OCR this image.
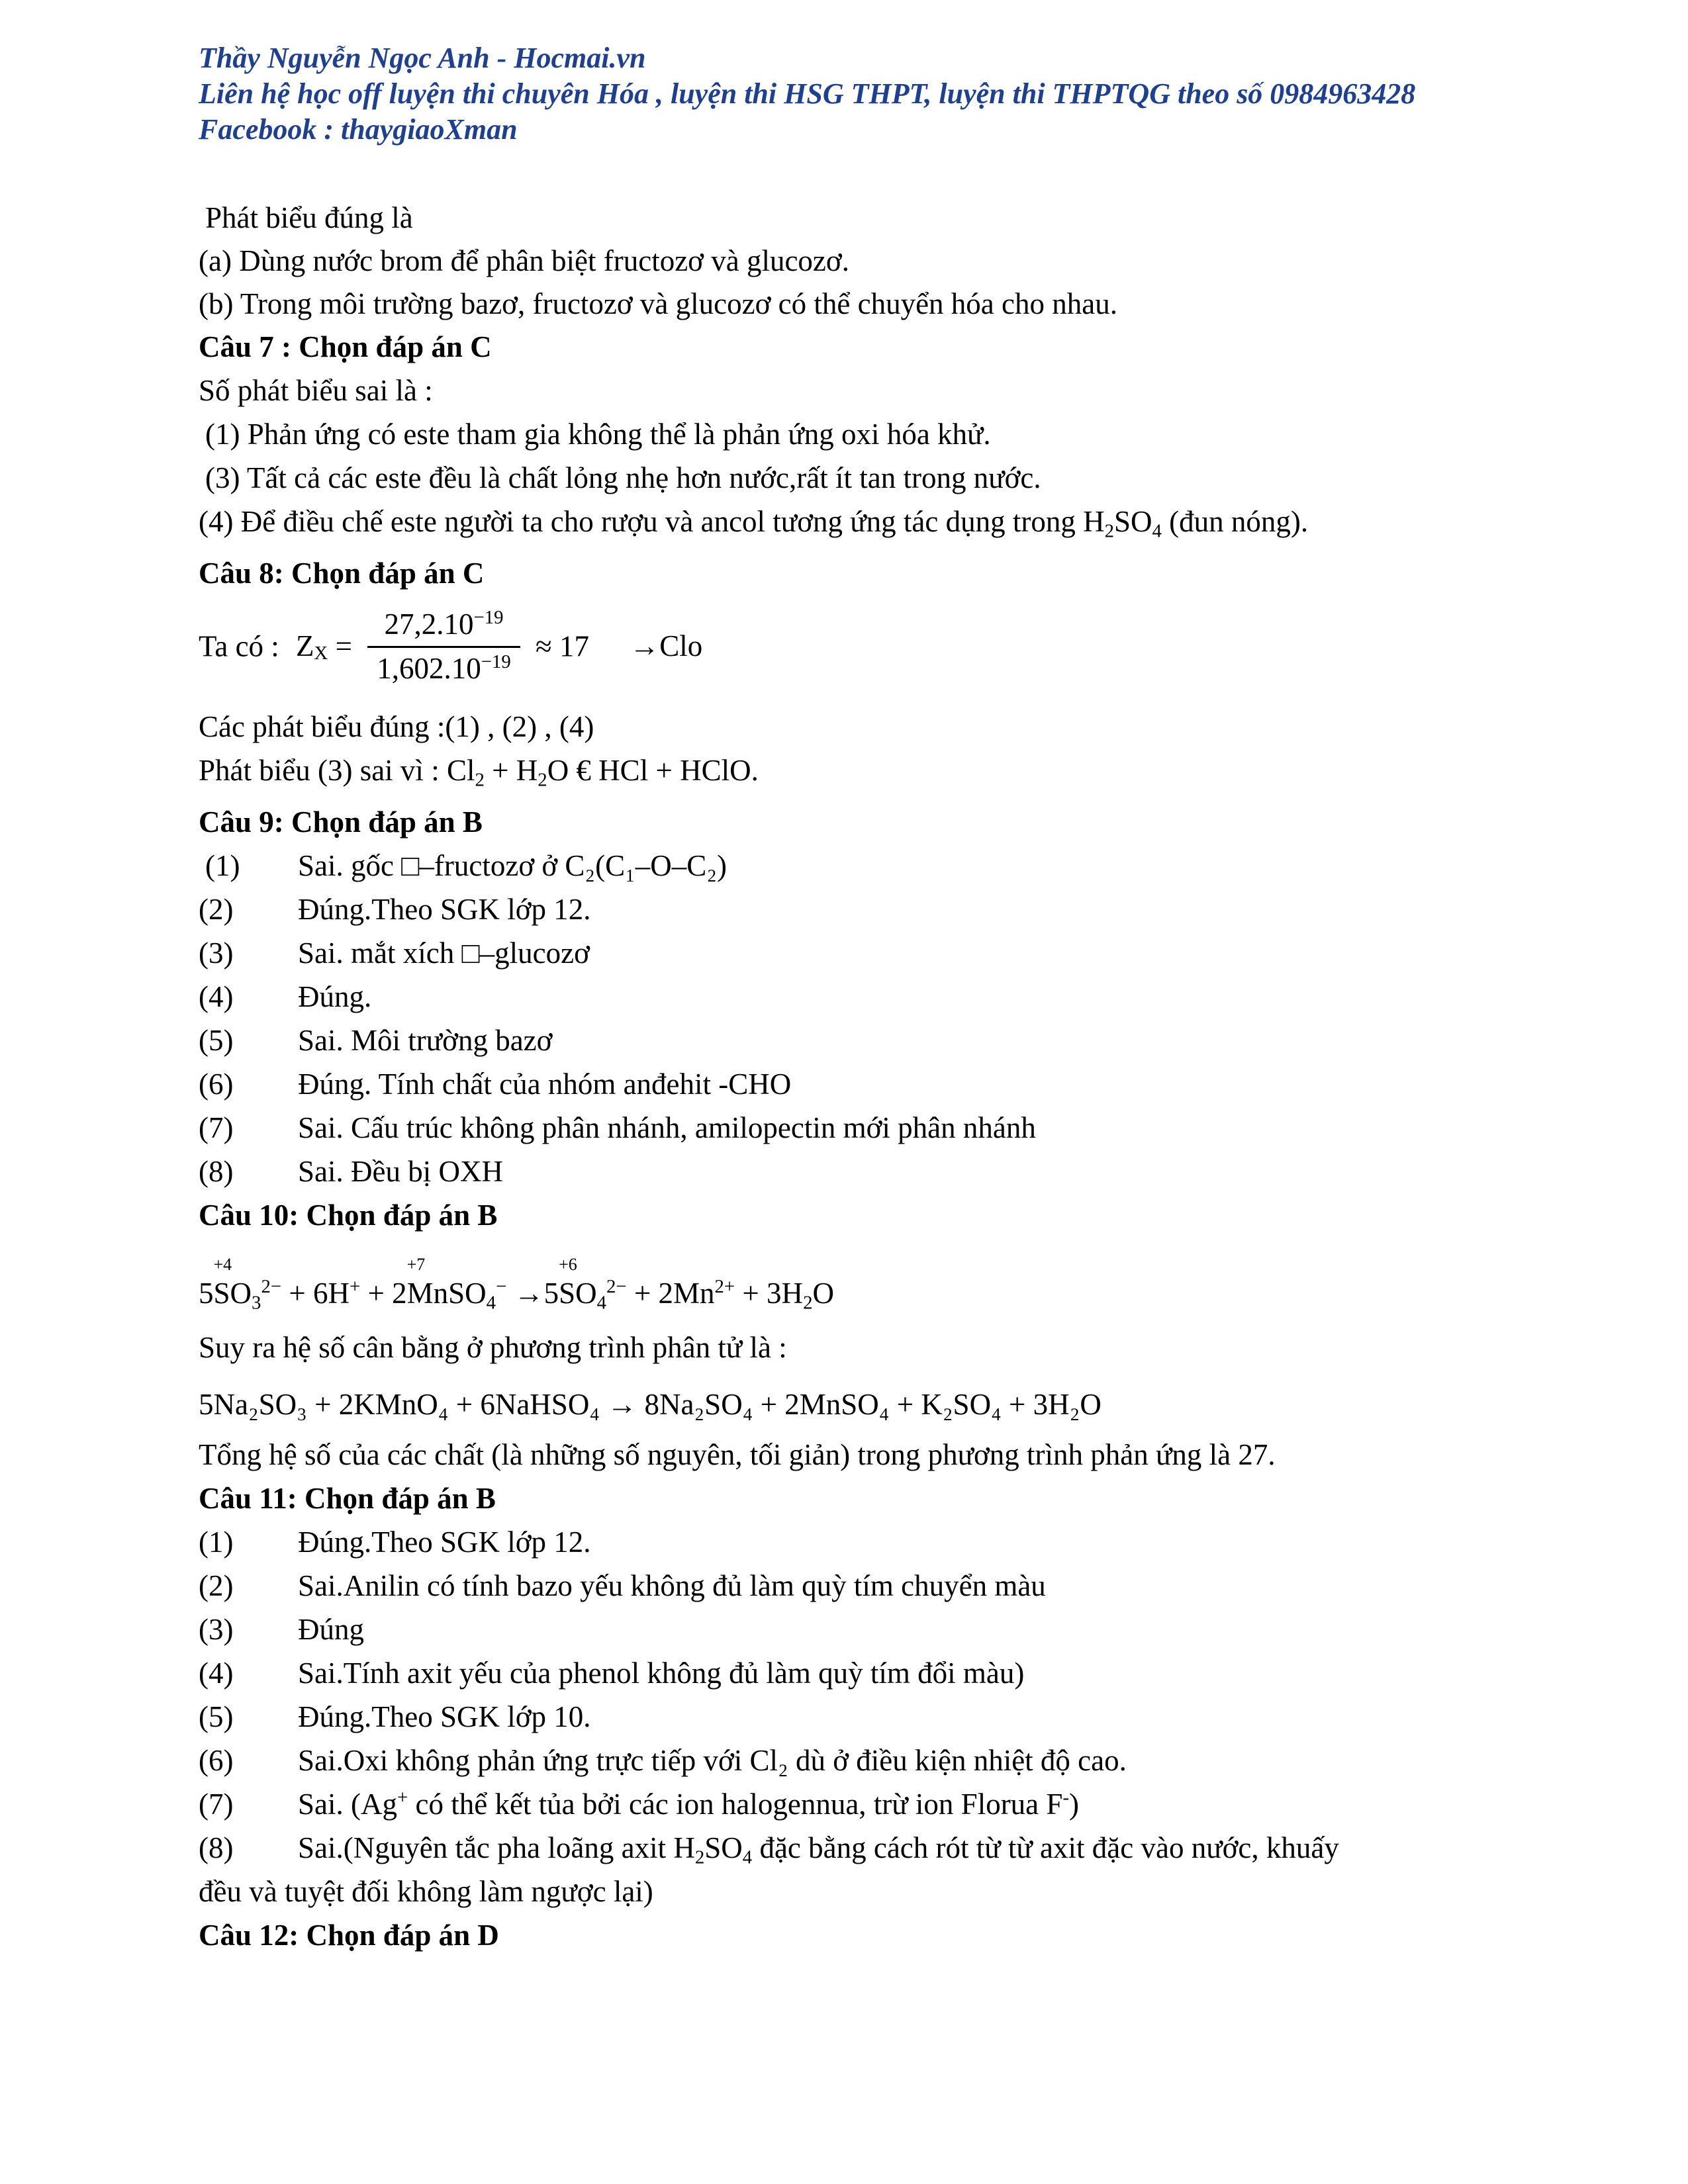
Thầy Nguyễn Ngọc Anh - Hocmai.vn
Liên hệ học off luyện thi chuyên Hóa , luyện thi HSG THPT, luyện thi THPTQG theo số 0984963428
Facebook : thaygiaoXman
Phát biểu đúng là
(a) Dùng nước brom để phân biệt fructozơ và glucozơ.
(b) Trong môi trường bazơ, fructozơ và glucozơ có thể chuyển hóa cho nhau.
Câu 7 : Chọn đáp án C
Số phát biểu sai là :
(1) Phản ứng có este tham gia không thể là phản ứng oxi hóa khử.
(3) Tất cả các este đều là chất lỏng nhẹ hơn nước,rất ít tan trong nước.
(4) Để điều chế este người ta cho rượu và ancol tương ứng tác dụng trong $H_2SO_4$ (đun nóng).
Câu 8: Chọn đáp án C
Ta có : $Z_X = \frac{27,2.10^{-19}}{1,602.10^{-19}} \approx 17 \to Clo$
Các phát biểu đúng :(1) , (2) , (4)
Phát biểu (3) sai vì : $Cl_2 + H_2O$ € HCl + HClO.
Câu 9: Chọn đáp án B
(1) Sai. gốc □–fructozơ ở C₂(C₁–O–C₂)
(2) Đúng.Theo SGK lớp 12.
(3) Sai. mắt xích □–glucozơ
(4) Đúng.
(5) Sai. Môi trường bazơ
(6) Đúng. Tính chất của nhóm anđehit -CHO
(7) Sai. Cấu trúc không phân nhánh, amilopectin mới phân nhánh
(8) Sai. Đều bị OXH
Câu 10: Chọn đáp án B
5
+4
$SO_3^{2-} + 6H^+ + 2$
+7
MnSO$_4$− →5
+6
$SO_4^{2-} + 2Mn^{2+} + 3H_2O$
Suy ra hệ số cân bằng ở phương trình phân tử là :
5Na₂SO₃ + 2KMnO₄ + 6NaHSO₄ → 8Na₂SO₄ + 2MnSO₄ + K₂SO₄ + 3H₂O
Tổng hệ số của các chất (là những số nguyên, tối giản) trong phương trình phản ứng là 27.
Câu 11: Chọn đáp án B
(1) Đúng.Theo SGK lớp 12.
(2) Sai.Anilin có tính bazo yếu không đủ làm quỳ tím chuyển màu
(3) Đúng
(4) Sai.Tính axit yếu của phenol không đủ làm quỳ tím đổi màu)
(5) Đúng.Theo SGK lớp 10.
(6) Sai.Oxi không phản ứng trực tiếp với Cl₂ dù ở điều kiện nhiệt độ cao.
(7) Sai. (Ag+ có thể kết tủa bởi các ion halogennua, trừ ion Florua F-)
(8) Sai.(Nguyên tắc pha loãng axit $H_2SO_4$ đặc bằng cách rót từ từ axit đặc vào nước, khuấy
đều và tuyệt đối không làm ngược lại)
Câu 12: Chọn đáp án D
